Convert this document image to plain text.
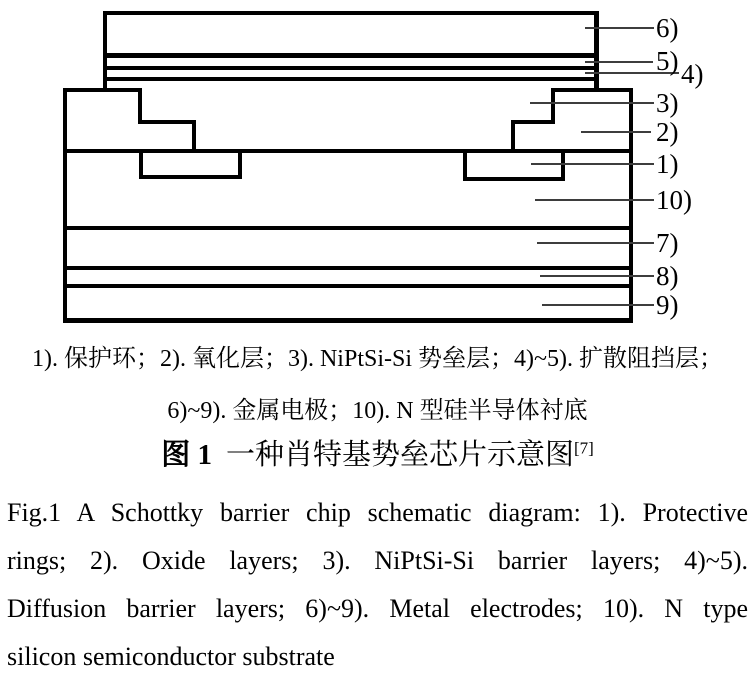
6)
5) 4)
3)
2)
1)
10)
7)
8)
9)
1). 保护环；2). 氧化层；3). NiPtSi-Si 势垒层；4)~5). 扩散阻挡层；
6)~9). 金属电极；10). N 型硅半导体衬底
图 1 一种肖特基势垒芯片示意图[7]
Fig.1 A Schottky barrier chip schematic diagram: 1). Protective
rings; 2). Oxide layers; 3). NiPtSi-Si barrier layers; 4)~5).
Diffusion barrier layers; 6)~9). Metal electrodes; 10). N type
silicon semiconductor substrate
